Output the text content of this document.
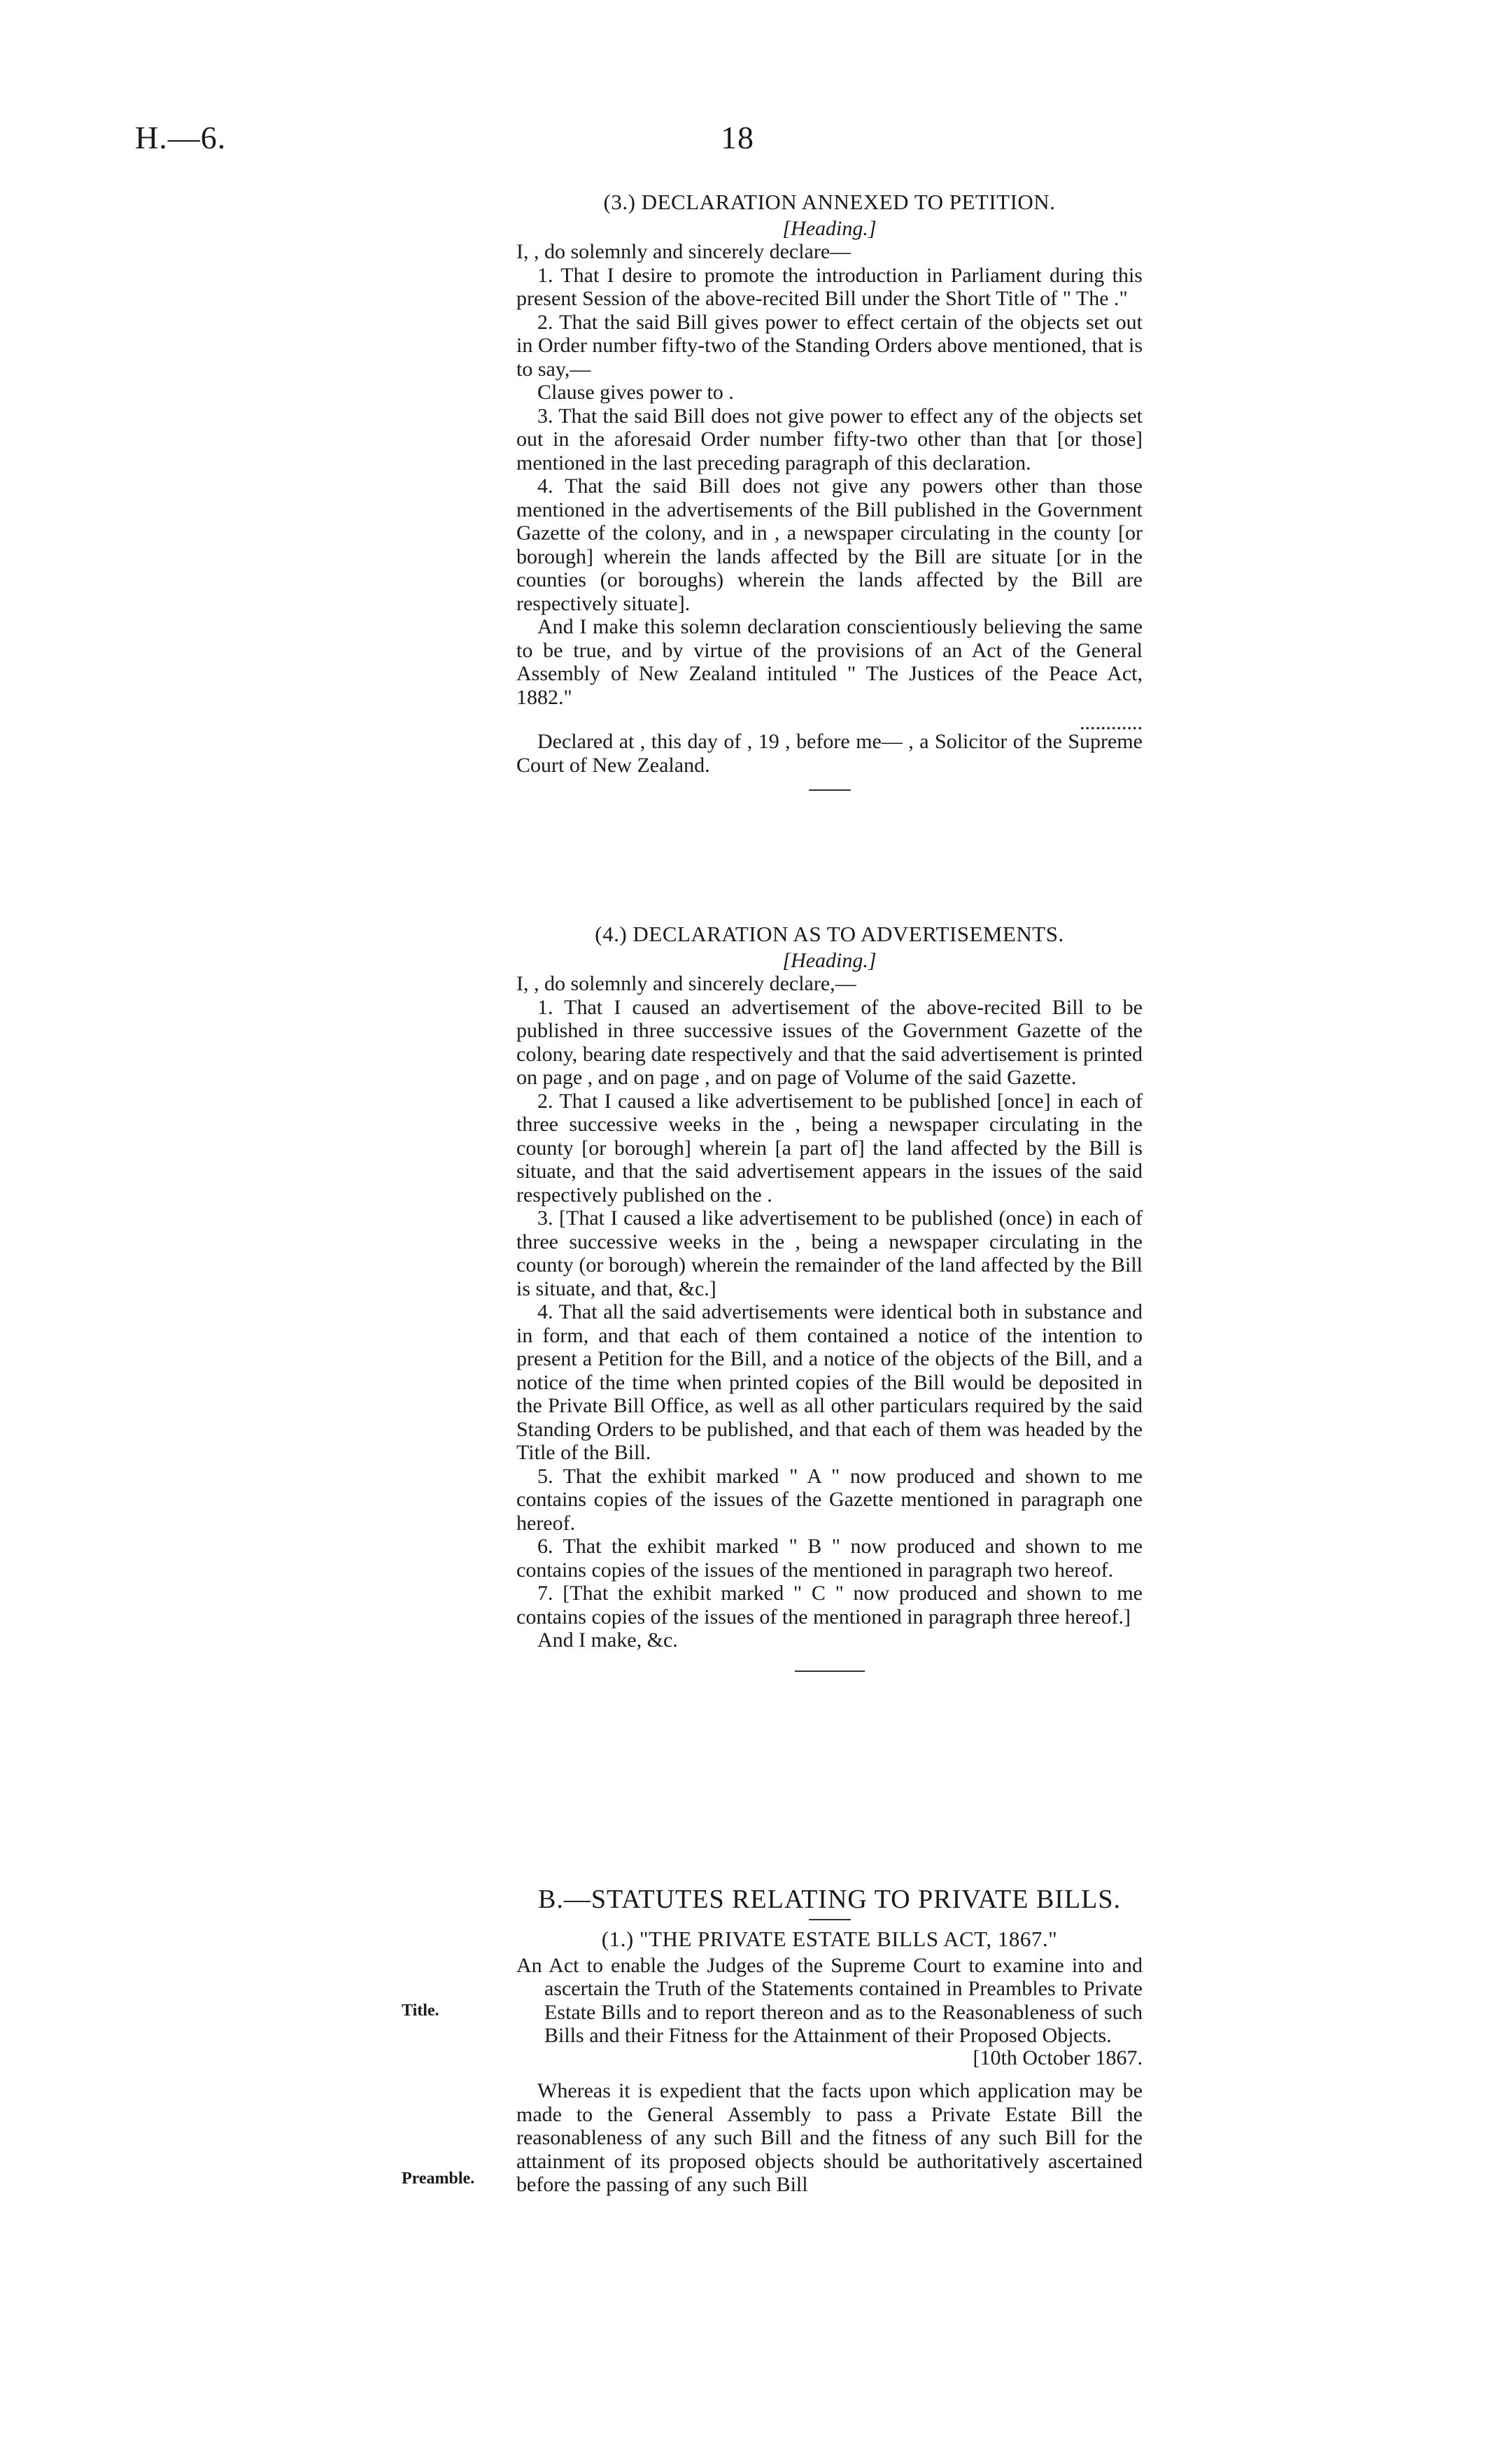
H.—6.	18

(3.) DECLARATION ANNEXED TO PETITION.

[Heading.]

I, , do solemnly and sincerely declare—

1. That I desire to promote the introduction in Parliament during this present Session of the above-recited Bill under the Short Title of " The ."

2. That the said Bill gives power to effect certain of the objects set out in Order number fifty-two of the Standing Orders above mentioned, that is to say,—

Clause gives power to .

3. That the said Bill does not give power to effect any of the objects set out in the aforesaid Order number fifty-two other than that [or those] mentioned in the last preceding paragraph of this declaration.

4. That the said Bill does not give any powers other than those mentioned in the advertisements of the Bill published in the Government Gazette of the colony, and in , a newspaper circulating in the county [or borough] wherein the lands affected by the Bill are situate [or in the counties (or boroughs) wherein the lands affected by the Bill are respectively situate].

And I make this solemn declaration conscientiously believing the same to be true, and by virtue of the provisions of an Act of the General Assembly of New Zealand intituled " The Justices of the Peace Act, 1882."

............

Declared at , this day of , 19 , before me— , a Solicitor of the Supreme Court of New Zealand.

(4.) DECLARATION AS TO ADVERTISEMENTS.

[Heading.]

I, , do solemnly and sincerely declare,—

1. That I caused an advertisement of the above-recited Bill to be published in three successive issues of the Government Gazette of the colony, bearing date respectively and that the said advertisement is printed on page , and on page , and on page of Volume of the said Gazette.

2. That I caused a like advertisement to be published [once] in each of three successive weeks in the , being a newspaper circulating in the county [or borough] wherein [a part of] the land affected by the Bill is situate, and that the said advertisement appears in the issues of the said respectively published on the .

3. [That I caused a like advertisement to be published (once) in each of three successive weeks in the , being a newspaper circulating in the county (or borough) wherein the remainder of the land affected by the Bill is situate, and that, &c.]

4. That all the said advertisements were identical both in substance and in form, and that each of them contained a notice of the intention to present a Petition for the Bill, and a notice of the objects of the Bill, and a notice of the time when printed copies of the Bill would be deposited in the Private Bill Office, as well as all other particulars required by the said Standing Orders to be published, and that each of them was headed by the Title of the Bill.

5. That the exhibit marked " A " now produced and shown to me contains copies of the issues of the Gazette mentioned in paragraph one hereof.

6. That the exhibit marked " B " now produced and shown to me contains copies of the issues of the mentioned in paragraph two hereof.

7. [That the exhibit marked " C " now produced and shown to me contains copies of the issues of the mentioned in paragraph three hereof.]

And I make, &c.

B.—STATUTES RELATING TO PRIVATE BILLS.

(1.) "THE PRIVATE ESTATE BILLS ACT, 1867."

An Act to enable the Judges of the Supreme Court to examine into and ascertain the Truth of the Statements contained in Preambles to Private Estate Bills and to report thereon and as to the Reasonableness of such Bills and their Fitness for the Attainment of their Proposed Objects.

[10th October 1867.

Whereas it is expedient that the facts upon which application may be made to the General Assembly to pass a Private Estate Bill the reasonableness of any such Bill and the fitness of any such Bill for the attainment of its proposed objects should be authoritatively ascertained before the passing of any such Bill

Title.
Preamble.
